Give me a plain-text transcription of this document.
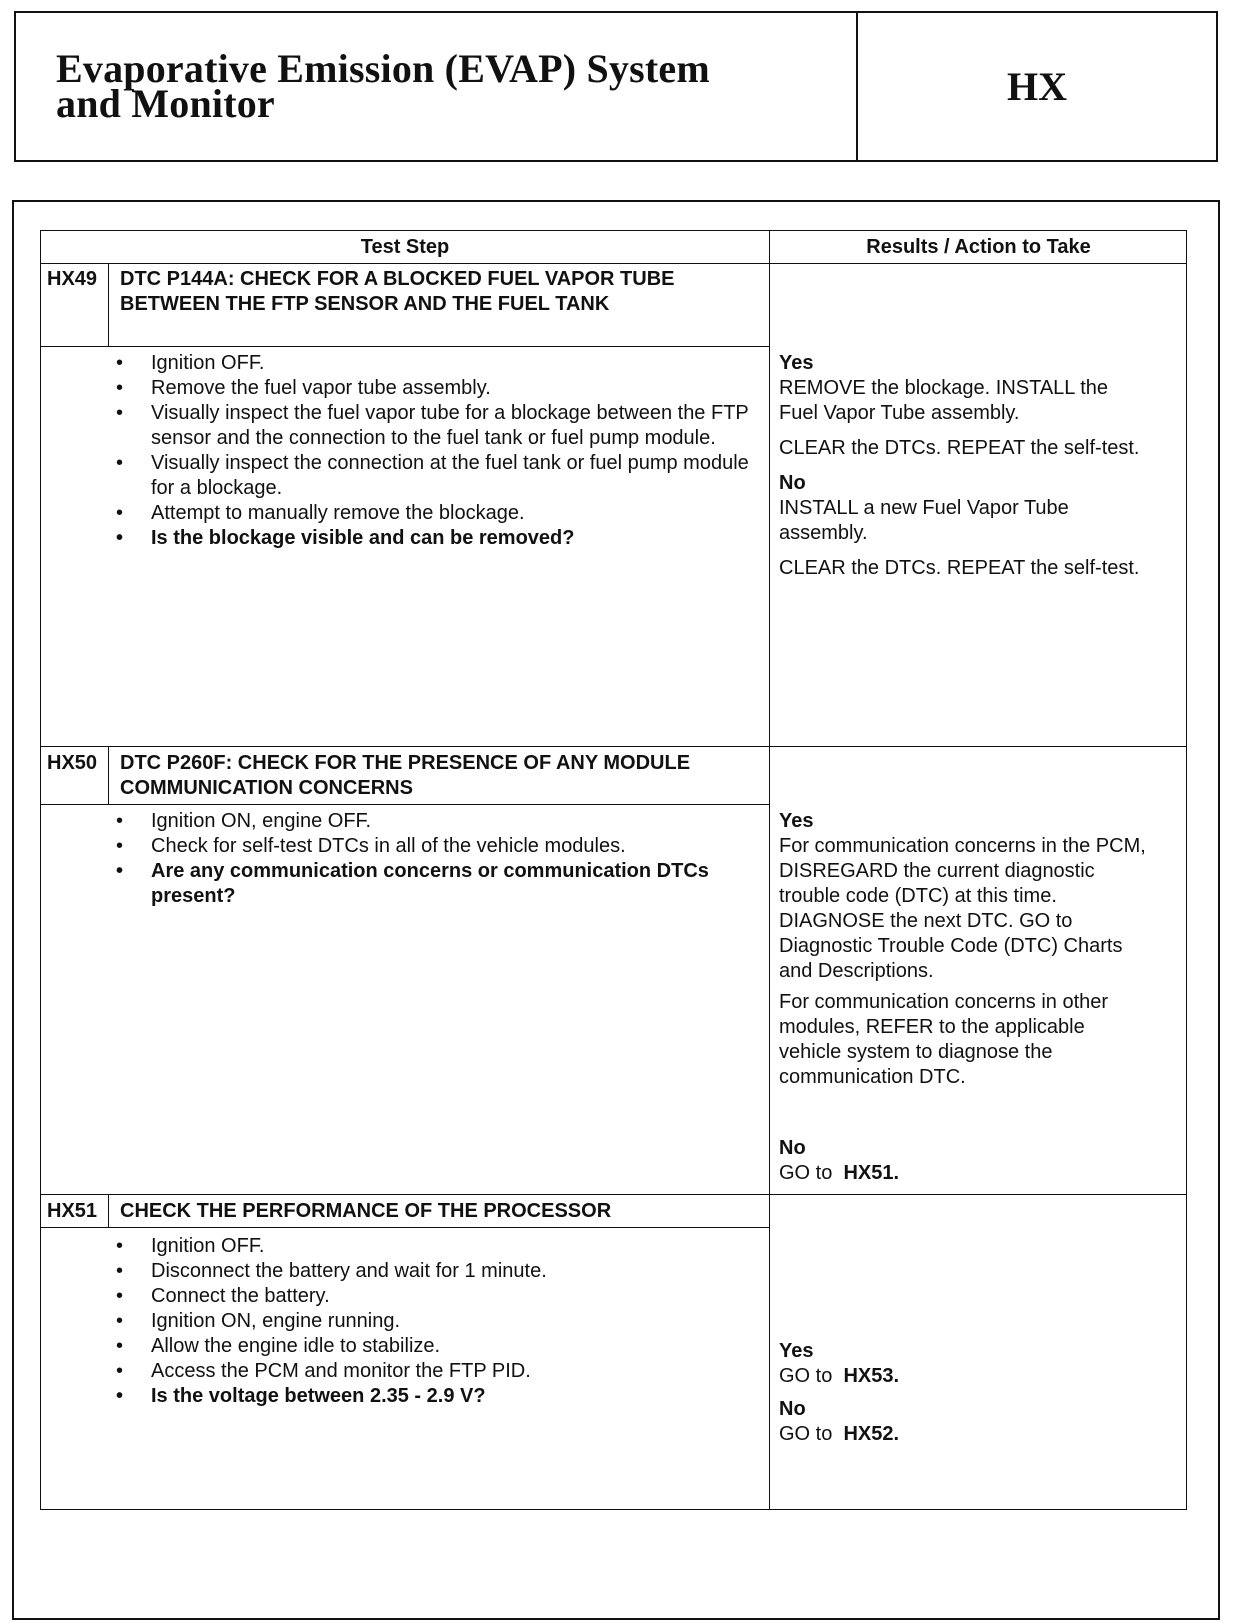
Evaporative Emission (EVAP) System
and Monitor	HX
Test Step	Results / Action to Take
HX49 DTC P144A: CHECK FOR A BLOCKED FUEL VAPOR TUBE BETWEEN THE FTP SENSOR AND THE FUEL TANK
• Ignition OFF.
• Remove the fuel vapor tube assembly.
• Visually inspect the fuel vapor tube for a blockage between the FTP sensor and the connection to the fuel tank or fuel pump module.
• Visually inspect the connection at the fuel tank or fuel pump module for a blockage.
• Attempt to manually remove the blockage.
• Is the blockage visible and can be removed?

Yes

REMOVE the blockage. INSTALL the Fuel Vapor Tube assembly.

CLEAR the DTCs. REPEAT the self-test.

No

INSTALL a new Fuel Vapor Tube assembly.

CLEAR the DTCs. REPEAT the self-test.

HX50 DTC P260F: CHECK FOR THE PRESENCE OF ANY MODULE COMMUNICATION CONCERNS
• Ignition ON, engine OFF.
• Check for self-test DTCs in all of the vehicle modules.
• Are any communication concerns or communication DTCs present?

Yes

For communication concerns in the PCM, DISREGARD the current diagnostic trouble code (DTC) at this time. DIAGNOSE the next DTC. GO to Diagnostic Trouble Code (DTC) Charts and Descriptions.

For communication concerns in other modules, REFER to the applicable vehicle system to diagnose the communication DTC.

No

GO to HX51.

HX51 CHECK THE PERFORMANCE OF THE PROCESSOR
• Ignition OFF.
• Disconnect the battery and wait for 1 minute.
• Connect the battery.
• Ignition ON, engine running.
• Allow the engine idle to stabilize.
• Access the PCM and monitor the FTP PID.
• Is the voltage between 2.35 - 2.9 V?

Yes

GO to HX53.

No

GO to HX52.
